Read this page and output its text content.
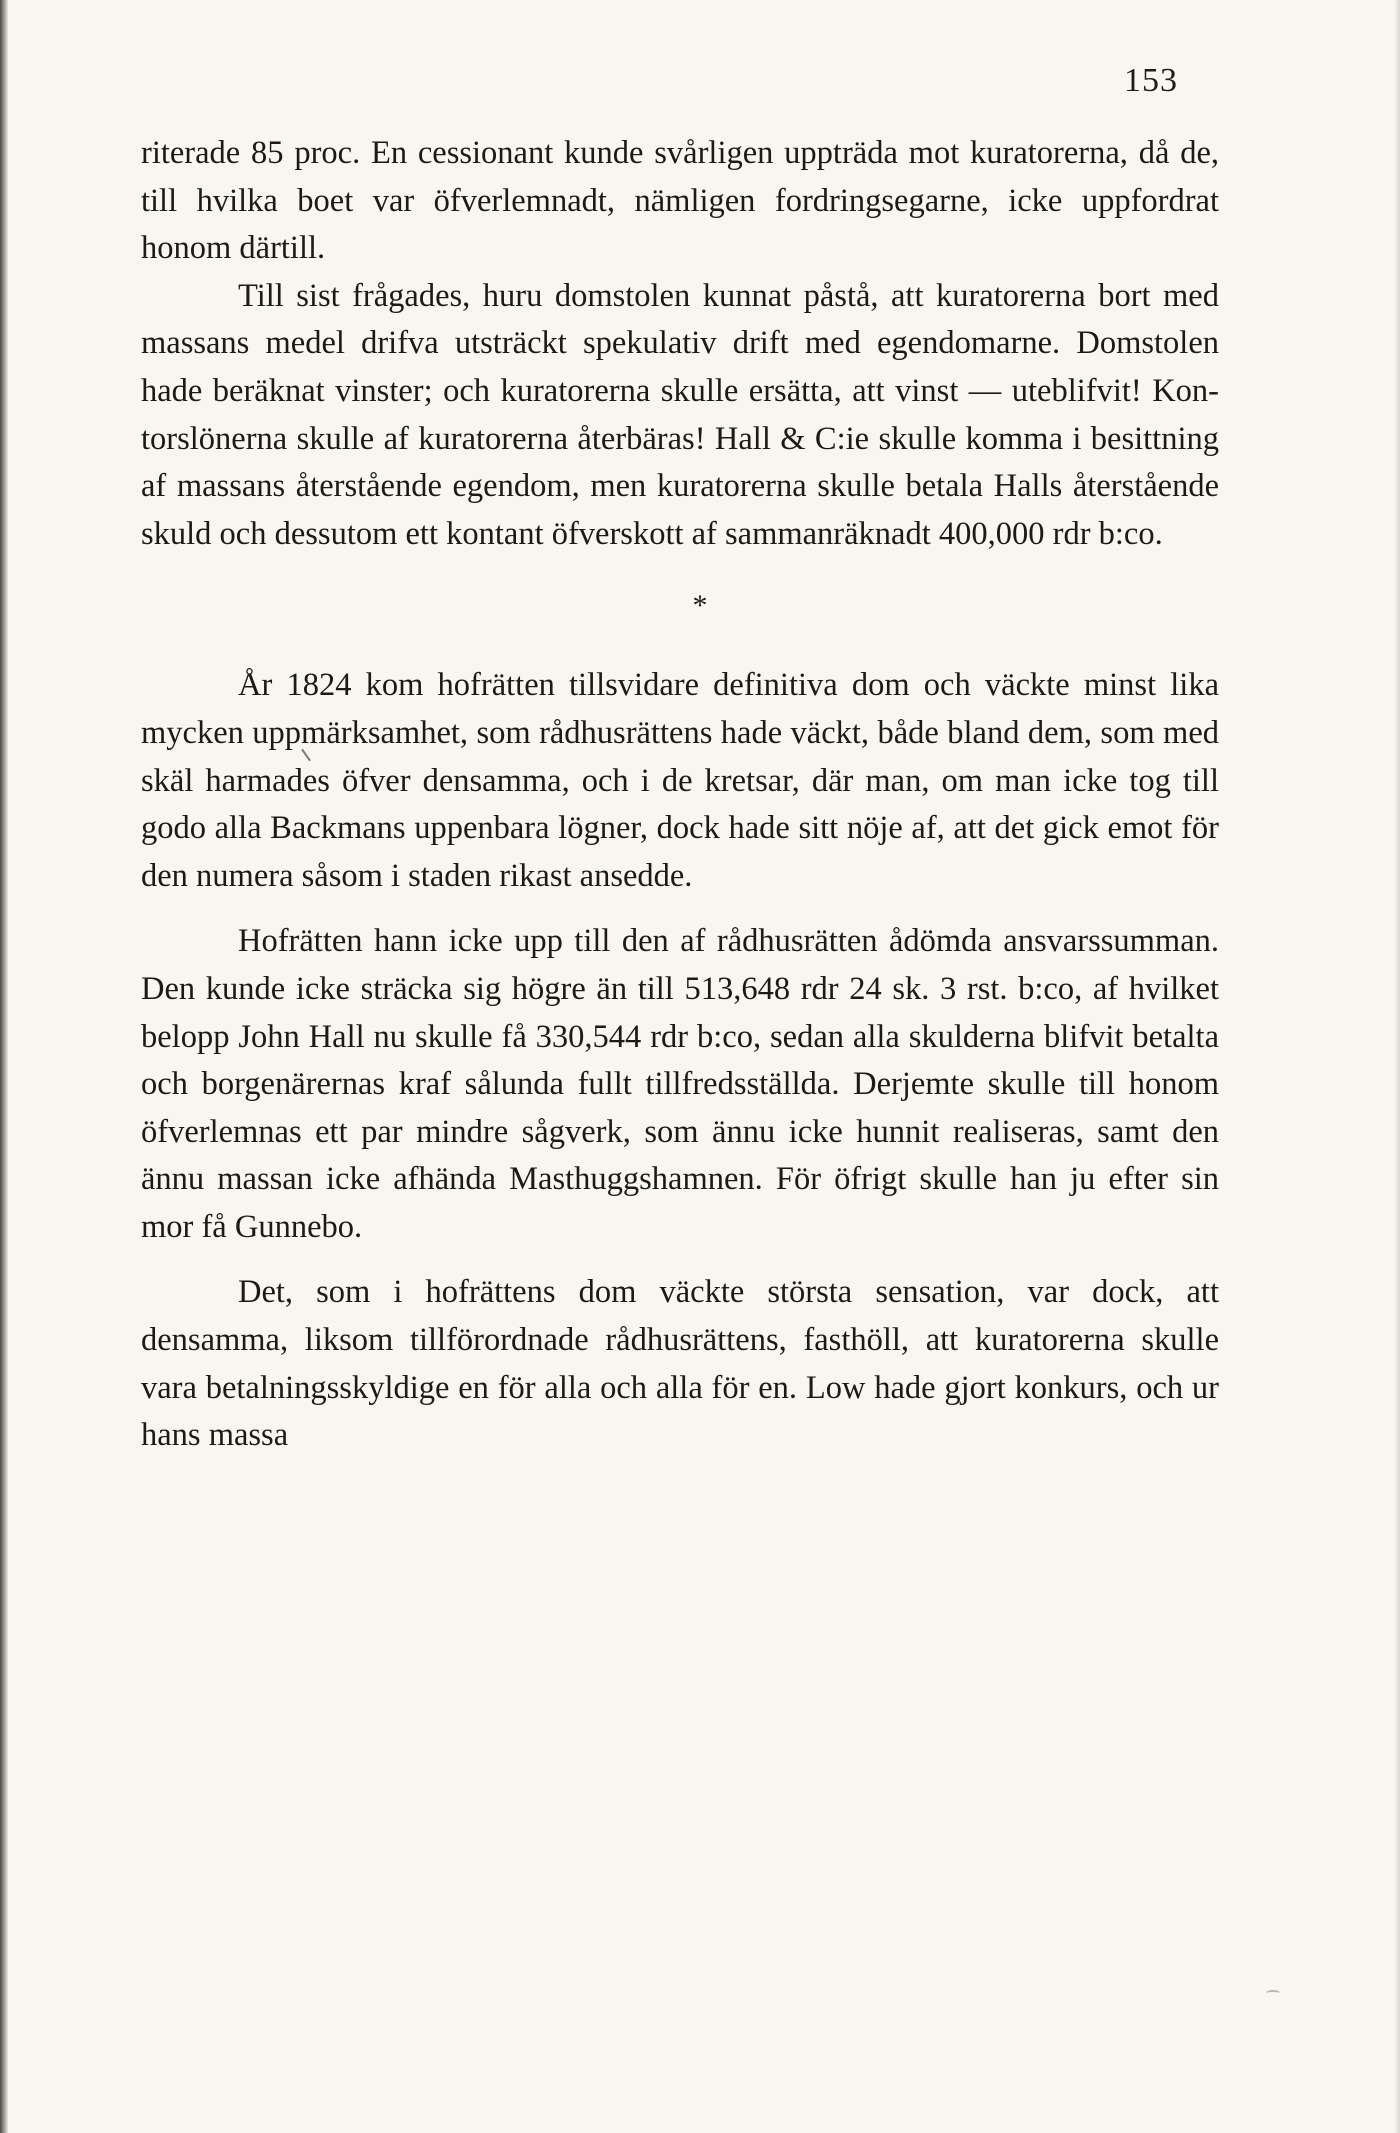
153

riterade 85 proc. En cessionant kunde svårligen uppträda mot kuratorerna, då de, till hvilka boet var öfverlemnadt, nämligen fordringsegarne, icke uppfordrat honom därtill.

Till sist frågades, huru domstolen kunnat påstå, att kuratorerna bort med massans medel drifva utsträckt spekulativ drift med egendomarne. Domstolen hade beräknat vinster; och kuratorerna skulle ersätta, att vinst — uteblifvit! Kontorslönerna skulle af kuratorerna återbäras! Hall & C:ie skulle komma i besittning af massans återstående egendom, men kuratorerna skulle betala Halls återstående skuld och dessutom ett kontant öfverskott af sammanräknadt 400,000 rdr b:co.

*

År 1824 kom hofrätten tillsvidare definitiva dom och väckte minst lika mycken uppmärksamhet, som rådhusrättens hade väckt, både bland dem, som med skäl harmades öfver densamma, och i de kretsar, där man, om man icke tog till godo alla Backmans uppenbara lögner, dock hade sitt nöje af, att det gick emot för den numera såsom i staden rikast ansedde.

Hofrätten hann icke upp till den af rådhusrätten ådömda ansvarssumman. Den kunde icke sträcka sig högre än till 513,648 rdr 24 sk. 3 rst. b:co, af hvilket belopp John Hall nu skulle få 330,544 rdr b:co, sedan alla skulderna blifvit betalta och borgenärernas kraf sålunda fullt tillfredsställda. Derjemte skulle till honom öfverlemnas ett par mindre sågverk, som ännu icke hunnit realiseras, samt den ännu massan icke afhända Masthuggshamnen. För öfrigt skulle han ju efter sin mor få Gunnebo.

Det, som i hofrättens dom väckte största sensation, var dock, att densamma, liksom tillförordnade rådhusrättens, fasthöll, att kuratorerna skulle vara betalningsskyldige en för alla och alla för en. Low hade gjort konkurs, och ur hans massa
